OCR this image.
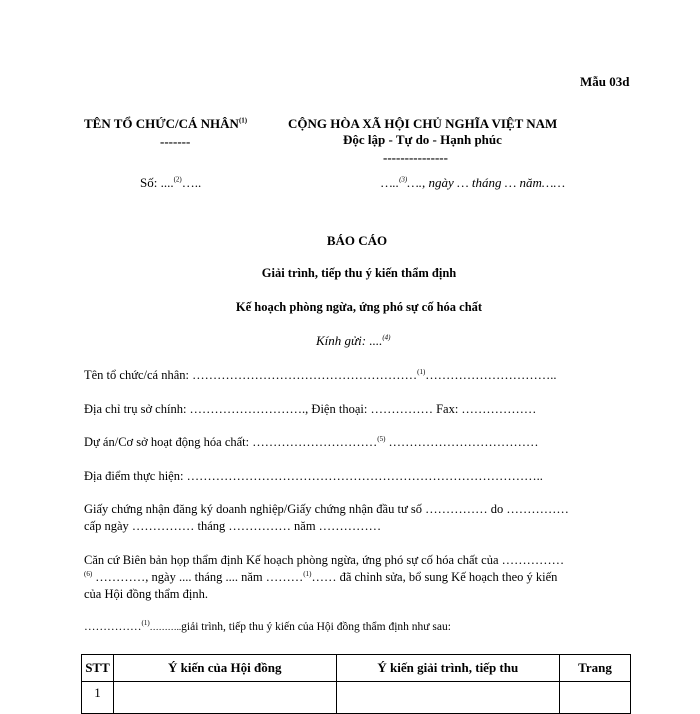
Mẫu 03d
TÊN TỔ CHỨC/CÁ NHÂN$^{(1)}$
-------
CỘNG HÒA XÃ HỘI CHỦ NGHĨA VIỆT NAM
Độc lập - Tự do - Hạnh phúc
---------------
Số: ....$^{(2)}$…..	…..$^{(3)}$…., ngày … tháng … năm……
BÁO CÁO
Giải trình, tiếp thu ý kiến thẩm định
Kế hoạch phòng ngừa, ứng phó sự cố hóa chất
Kính gửi: ....$^{(4)}$
Tên tổ chức/cá nhân: ………………………………………………$^{(1)}$…………………………..
Địa chỉ trụ sở chính: ………………………., Điện thoại: …………… Fax: ………………
Dự án/Cơ sở hoạt động hóa chất: …………………………$^{(5)}$ ………………………………
Địa điểm thực hiện: …………………………………………………………………………..
Giấy chứng nhận đăng ký doanh nghiệp/Giấy chứng nhận đầu tư số …………… do ……………
cấp ngày …………… tháng …………… năm ……………
Căn cứ Biên bản họp thẩm định Kế hoạch phòng ngừa, ứng phó sự cố hóa chất của ……………
$^{(6)}$ …………, ngày .... tháng .... năm ………$^{(1)}$…… đã chỉnh sửa, bổ sung Kế hoạch theo ý kiến
của Hội đồng thẩm định.
……………$^{(1)}$………..giải trình, tiếp thu ý kiến của Hội đồng thẩm định như sau:
STT	Ý kiến của Hội đồng	Ý kiến giải trình, tiếp thu	Trang
1			
